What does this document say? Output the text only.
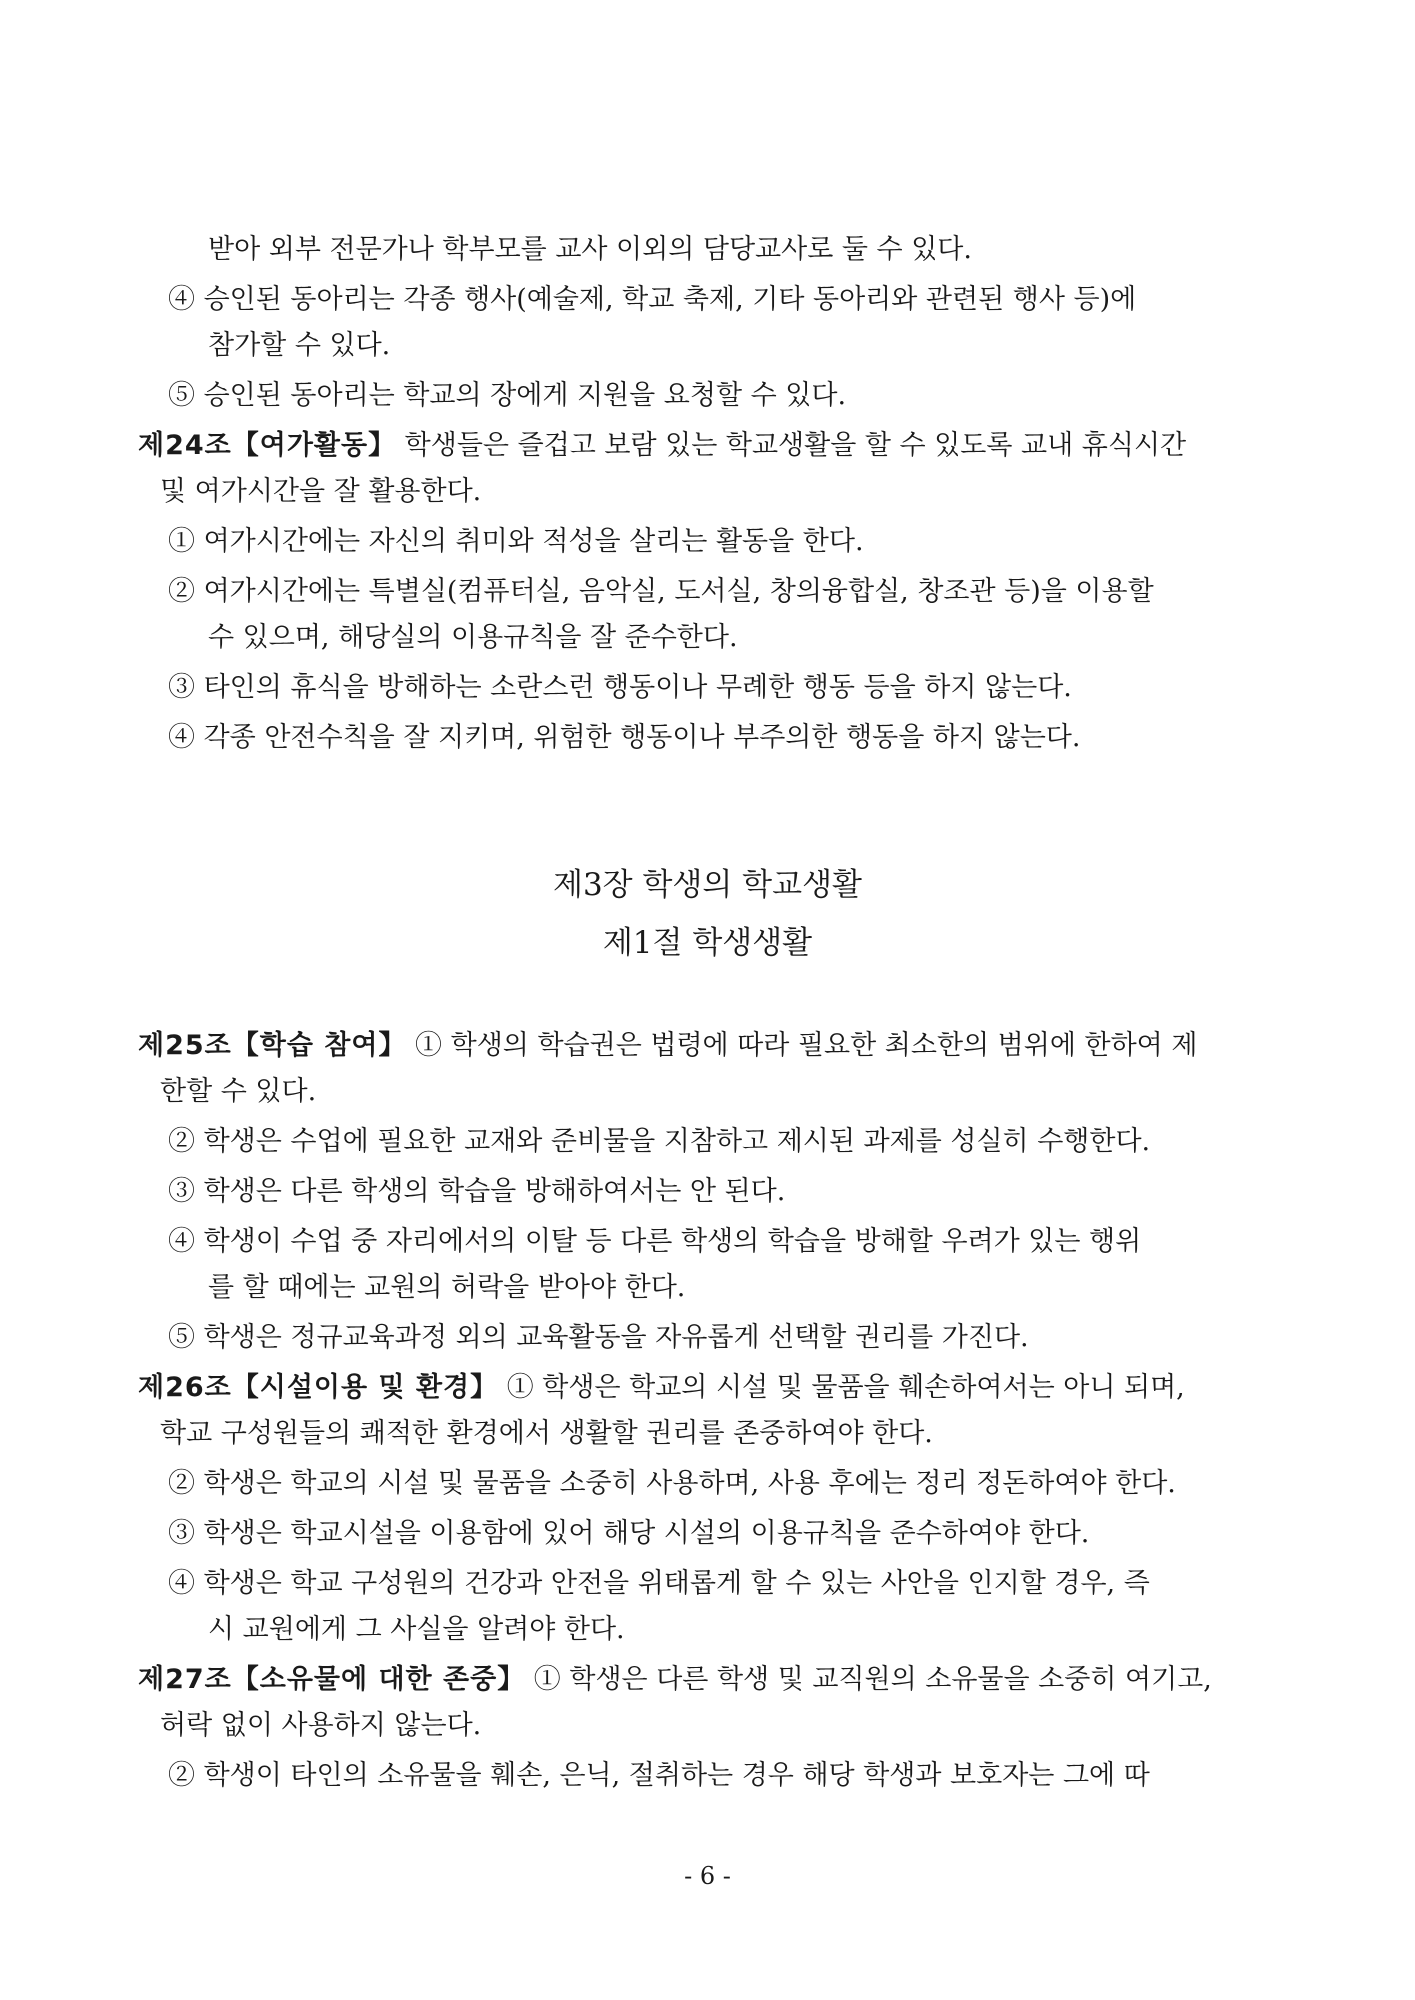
받아 외부 전문가나 학부모를 교사 이외의 담당교사로 둘 수 있다.
④ 승인된 동아리는 각종 행사(예술제, 학교 축제, 기타 동아리와 관련된 행사 등)에
참가할 수 있다.
⑤ 승인된 동아리는 학교의 장에게 지원을 요청할 수 있다.
제24조【여가활동】 학생들은 즐겁고 보람 있는 학교생활을 할 수 있도록 교내 휴식시간
및 여가시간을 잘 활용한다.
① 여가시간에는 자신의 취미와 적성을 살리는 활동을 한다.
② 여가시간에는 특별실(컴퓨터실, 음악실, 도서실, 창의융합실, 창조관 등)을 이용할
수 있으며, 해당실의 이용규칙을 잘 준수한다.
③ 타인의 휴식을 방해하는 소란스런 행동이나 무례한 행동 등을 하지 않는다.
④ 각종 안전수칙을 잘 지키며, 위험한 행동이나 부주의한 행동을 하지 않는다.
제3장 학생의 학교생활
제1절 학생생활
제25조【학습 참여】 ① 학생의 학습권은 법령에 따라 필요한 최소한의 범위에 한하여 제
한할 수 있다.
② 학생은 수업에 필요한 교재와 준비물을 지참하고 제시된 과제를 성실히 수행한다.
③ 학생은 다른 학생의 학습을 방해하여서는 안 된다.
④ 학생이 수업 중 자리에서의 이탈 등 다른 학생의 학습을 방해할 우려가 있는 행위
를 할 때에는 교원의 허락을 받아야 한다.
⑤ 학생은 정규교육과정 외의 교육활동을 자유롭게 선택할 권리를 가진다.
제26조【시설이용 및 환경】 ① 학생은 학교의 시설 및 물품을 훼손하여서는 아니 되며,
학교 구성원들의 쾌적한 환경에서 생활할 권리를 존중하여야 한다.
② 학생은 학교의 시설 및 물품을 소중히 사용하며, 사용 후에는 정리 정돈하여야 한다.
③ 학생은 학교시설을 이용함에 있어 해당 시설의 이용규칙을 준수하여야 한다.
④ 학생은 학교 구성원의 건강과 안전을 위태롭게 할 수 있는 사안을 인지할 경우, 즉
시 교원에게 그 사실을 알려야 한다.
제27조【소유물에 대한 존중】 ① 학생은 다른 학생 및 교직원의 소유물을 소중히 여기고,
허락 없이 사용하지 않는다.
② 학생이 타인의 소유물을 훼손, 은닉, 절취하는 경우 해당 학생과 보호자는 그에 따
- 6 -
